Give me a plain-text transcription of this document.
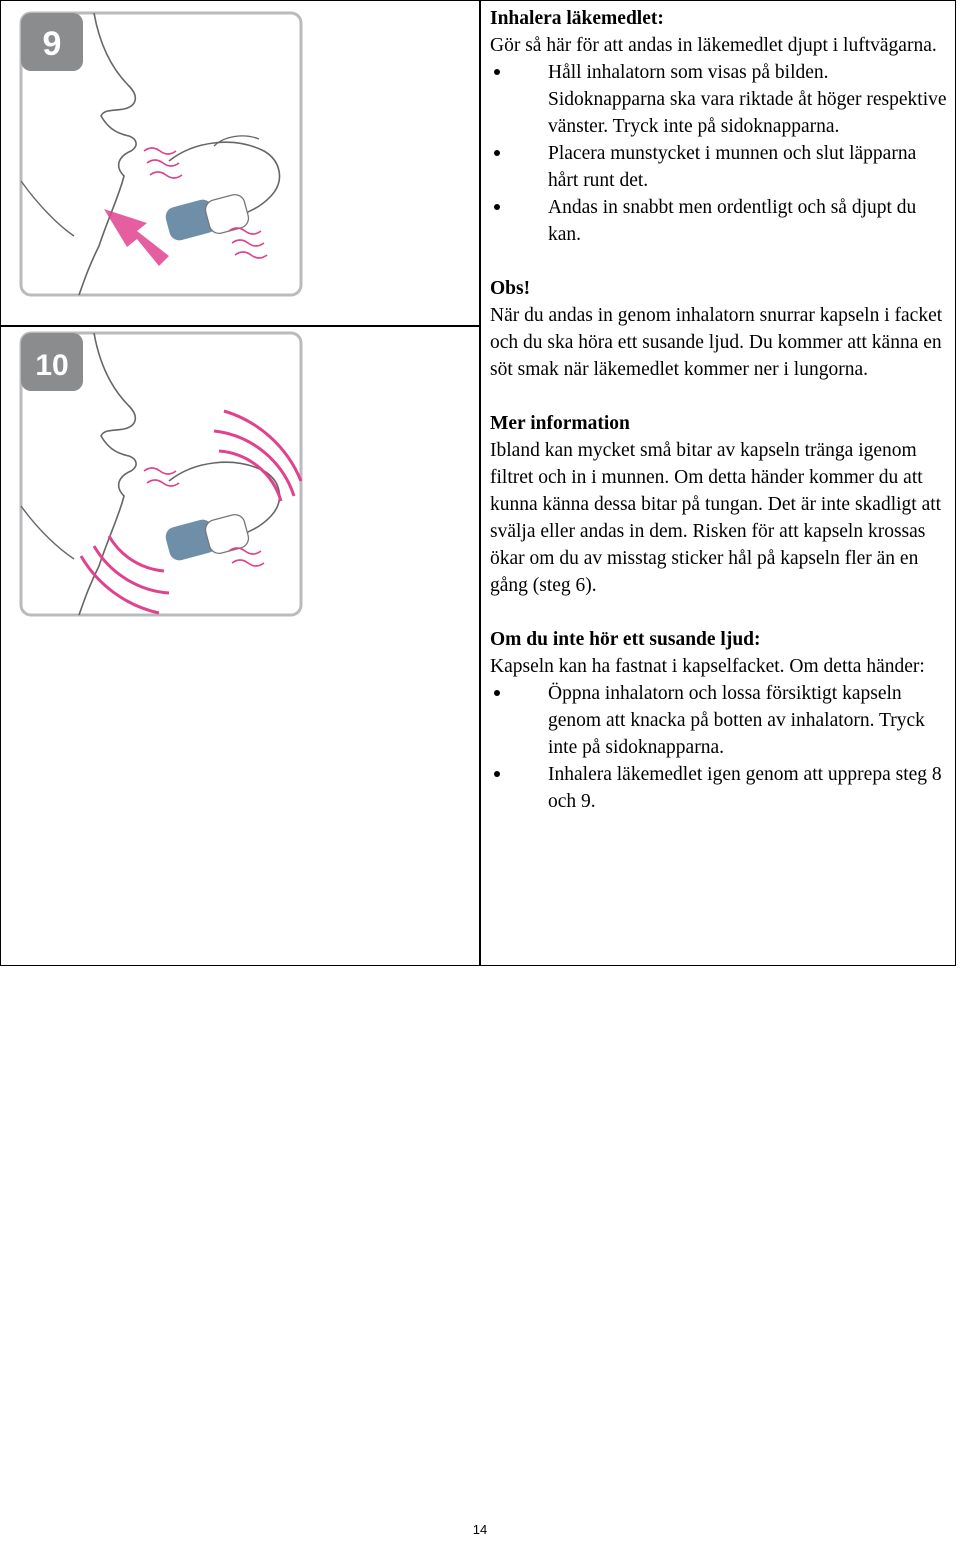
9
10

Inhalera läkemedlet:

Gör så här för att andas in läkemedlet djupt i luftvägarna.

Håll inhalatorn som visas på bilden. Sidoknapparna ska vara riktade åt höger respektive vänster. Tryck inte på sidoknapparna.
Placera munstycket i munnen och slut läpparna hårt runt det.
Andas in snabbt men ordentligt och så djupt du kan.

Obs!

När du andas in genom inhalatorn snurrar kapseln i facket och du ska höra ett susande ljud. Du kommer att känna en söt smak när läkemedlet kommer ner i lungorna.

Mer information

Ibland kan mycket små bitar av kapseln tränga igenom filtret och in i munnen. Om detta händer kommer du att kunna känna dessa bitar på tungan. Det är inte skadligt att svälja eller andas in dem. Risken för att kapseln krossas ökar om du av misstag sticker hål på kapseln fler än en gång (steg 6).

Om du inte hör ett susande ljud:

Kapseln kan ha fastnat i kapselfacket. Om detta händer:

Öppna inhalatorn och lossa försiktigt kapseln genom att knacka på botten av inhalatorn. Tryck inte på sidoknapparna.
Inhalera läkemedlet igen genom att upprepa steg 8 och 9.
14
